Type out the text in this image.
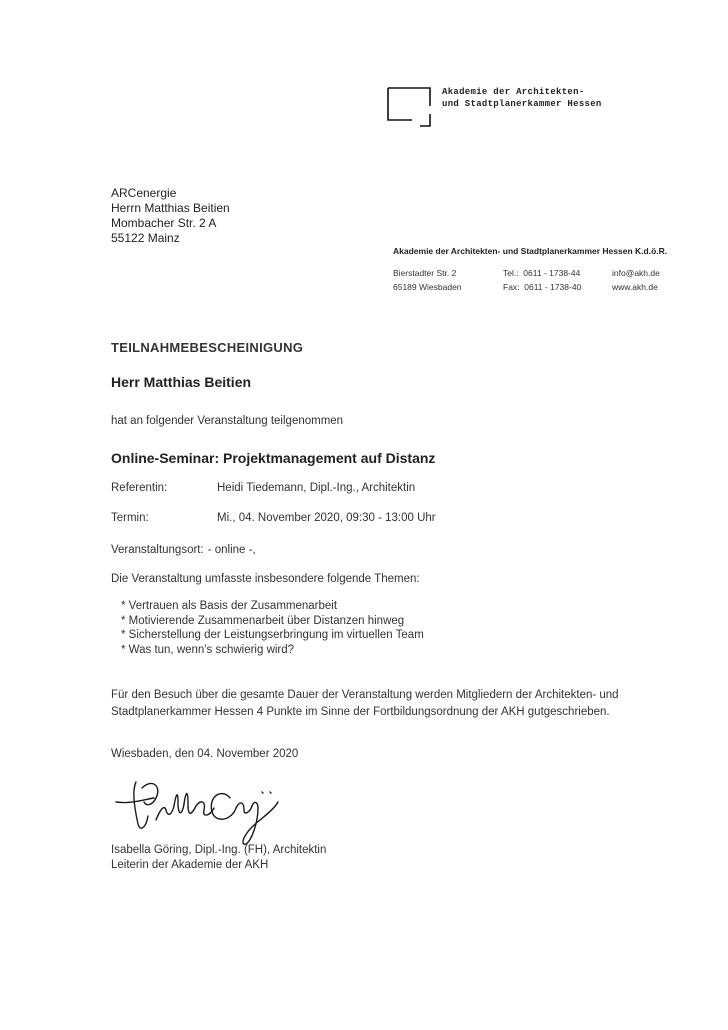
Akademie der Architekten-
und Stadtplanerkammer Hessen
ARCenergie
Herrn Matthias Beitien
Mombacher Str. 2 A
55122 Mainz
Akademie der Architekten- und Stadtplanerkammer Hessen K.d.ö.R.
Bierstadter Str. 2
65189 Wiesbaden
Tel.:  0611 - 1738-44
Fax:  0611 - 1738-40
info@akh.de
www.akh.de
TEILNAHMEBESCHEINIGUNG
Herr Matthias Beitien
hat an folgender Veranstaltung teilgenommen
Online-Seminar: Projektmanagement auf Distanz
Referentin:	Heidi Tiedemann, Dipl.-Ing., Architektin
Termin:	Mi., 04. November 2020, 09:30 - 13:00 Uhr
Veranstaltungsort: - online -,
Die Veranstaltung umfasste insbesondere folgende Themen:
* Vertrauen als Basis der Zusammenarbeit
* Motivierende Zusammenarbeit über Distanzen hinweg
* Sicherstellung der Leistungserbringung im virtuellen Team
* Was tun, wenn's schwierig wird?
Für den Besuch über die gesamte Dauer der Veranstaltung werden Mitgliedern der Architekten- und
Stadtplanerkammer Hessen 4 Punkte im Sinne der Fortbildungsordnung der AKH gutgeschrieben.
Wiesbaden, den 04. November 2020
Isabella Göring, Dipl.-Ing. (FH), Architektin
Leiterin der Akademie der AKH
